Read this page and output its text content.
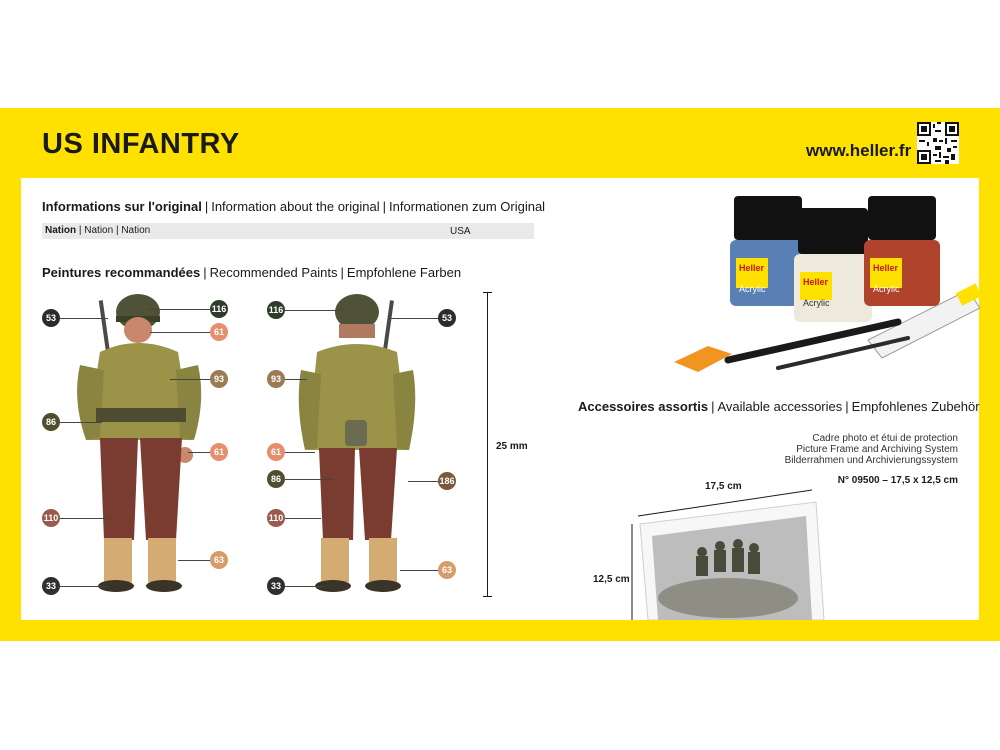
US INFANTRY	www.heller.fr
Informations sur l'original | Information about the original | Informationen zum Original
Nation | Nation | Nation	USA
Peintures recommandées | Recommended Paints | Empfohlene Farben
53
116
61
93
86
61
110
63
33
116
53
93
61
86	186
110
33
63
25 mm
Heller
Acrylic
Heller
Acrylic
Heller
Acrylic
Accessoires assortis | Available accessories | Empfohlenes Zubehör
Cadre photo et étui de protection
Picture Frame and Archiving System
Bilderrahmen und Archivierungssystem
N° 09500 – 17,5 x 12,5 cm
17,5 cm
12,5 cm
